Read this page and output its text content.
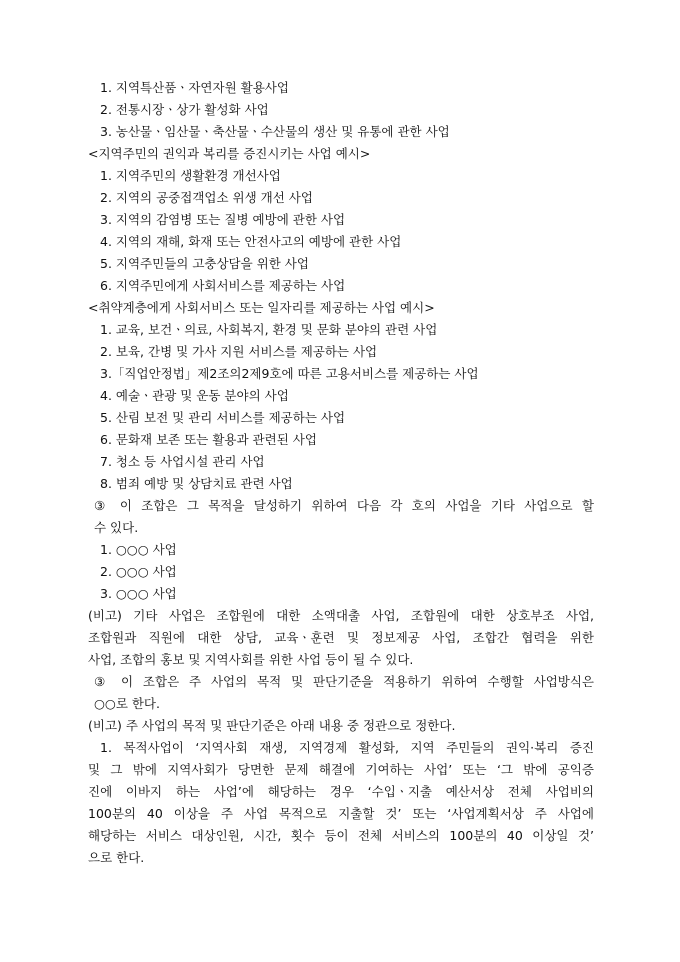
1. 지역특산품ㆍ자연자원 활용사업
2. 전통시장ㆍ상가 활성화 사업
3. 농산물ㆍ임산물ㆍ축산물ㆍ수산물의 생산 및 유통에 관한 사업
<지역주민의 권익과 복리를 증진시키는 사업 예시>
1. 지역주민의 생활환경 개선사업
2. 지역의 공중접객업소 위생 개선 사업
3. 지역의 감염병 또는 질병 예방에 관한 사업
4. 지역의 재해, 화재 또는 안전사고의 예방에 관한 사업
5. 지역주민들의 고충상담을 위한 사업
6. 지역주민에게 사회서비스를 제공하는 사업
<취약계층에게 사회서비스 또는 일자리를 제공하는 사업 예시>
1. 교육, 보건ㆍ의료, 사회복지, 환경 및 문화 분야의 관련 사업
2. 보육, 간병 및 가사 지원 서비스를 제공하는 사업
3.「직업안정법」제2조의2제9호에 따른 고용서비스를 제공하는 사업
4. 예술ㆍ관광 및 운동 분야의 사업
5. 산림 보전 및 관리 서비스를 제공하는 사업
6. 문화재 보존 또는 활용과 관련된 사업
7. 청소 등 사업시설 관리 사업
8. 범죄 예방 및 상담치료 관련 사업
③ 이 조합은 그 목적을 달성하기 위하여 다음 각 호의 사업을 기타 사업으로 할
수 있다.
1. ○○○ 사업
2. ○○○ 사업
3. ○○○ 사업
(비고) 기타 사업은 조합원에 대한 소액대출 사업, 조합원에 대한 상호부조 사업,
조합원과 직원에 대한 상담, 교육ㆍ훈련 및 정보제공 사업, 조합간 협력을 위한
사업, 조합의 홍보 및 지역사회를 위한 사업 등이 될 수 있다.
③ 이 조합은 주 사업의 목적 및 판단기준을 적용하기 위하여 수행할 사업방식은
○○로 한다.
(비고) 주 사업의 목적 및 판단기준은 아래 내용 중 정관으로 정한다.
1. 목적사업이 ‘지역사회 재생, 지역경제 활성화, 지역 주민들의 권익·복리 증진
및 그 밖에 지역사회가 당면한 문제 해결에 기여하는 사업’ 또는 ‘그 밖에 공익증
진에 이바지 하는 사업’에 해당하는 경우 ‘수입ㆍ지출 예산서상 전체 사업비의
100분의 40 이상을 주 사업 목적으로 지출할 것’ 또는 ‘사업계획서상 주 사업에
해당하는 서비스 대상인원, 시간, 횟수 등이 전체 서비스의 100분의 40 이상일 것’
으로 한다.
